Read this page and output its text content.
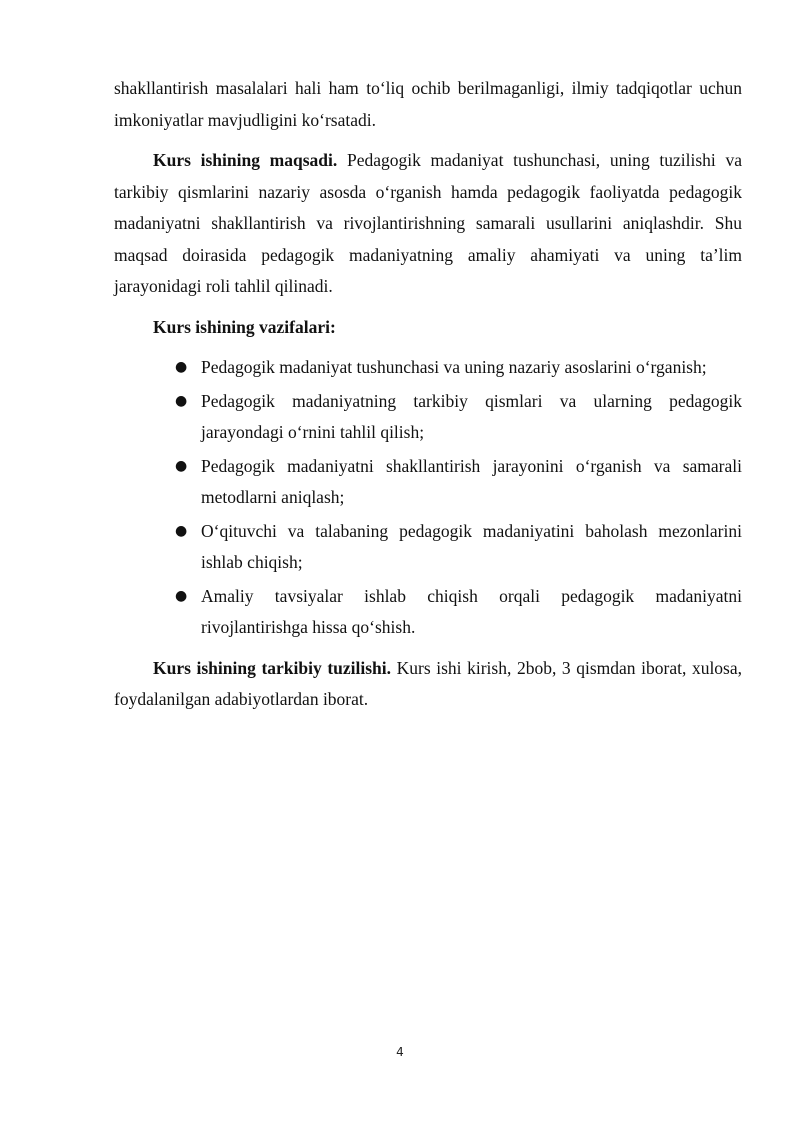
shakllantirish masalalari hali ham to‘liq ochib berilmaganligi, ilmiy tadqiqotlar uchun imkoniyatlar mavjudligini ko‘rsatadi.

Kurs ishining maqsadi. Pedagogik madaniyat tushunchasi, uning tuzilishi va tarkibiy qismlarini nazariy asosda o‘rganish hamda pedagogik faoliyatda pedagogik madaniyatni shakllantirish va rivojlantirishning samarali usullarini aniqlashdir. Shu maqsad doirasida pedagogik madaniyatning amaliy ahamiyati va uning ta’lim jarayonidagi roli tahlil qilinadi.

Kurs ishining vazifalari:

● Pedagogik madaniyat tushunchasi va uning nazariy asoslarini o‘rganish;
● Pedagogik madaniyatning tarkibiy qismlari va ularning pedagogik jarayondagi o‘rnini tahlil qilish;
● Pedagogik madaniyatni shakllantirish jarayonini o‘rganish va samarali metodlarni aniqlash;
● O‘qituvchi va talabaning pedagogik madaniyatini baholash mezonlarini ishlab chiqish;
● Amaliy tavsiyalar ishlab chiqish orqali pedagogik madaniyatni rivojlantirishga hissa qo‘shish.

Kurs ishining tarkibiy tuzilishi. Kurs ishi kirish, 2bob, 3 qismdan iborat, xulosa, foydalanilgan adabiyotlardan iborat.

4
